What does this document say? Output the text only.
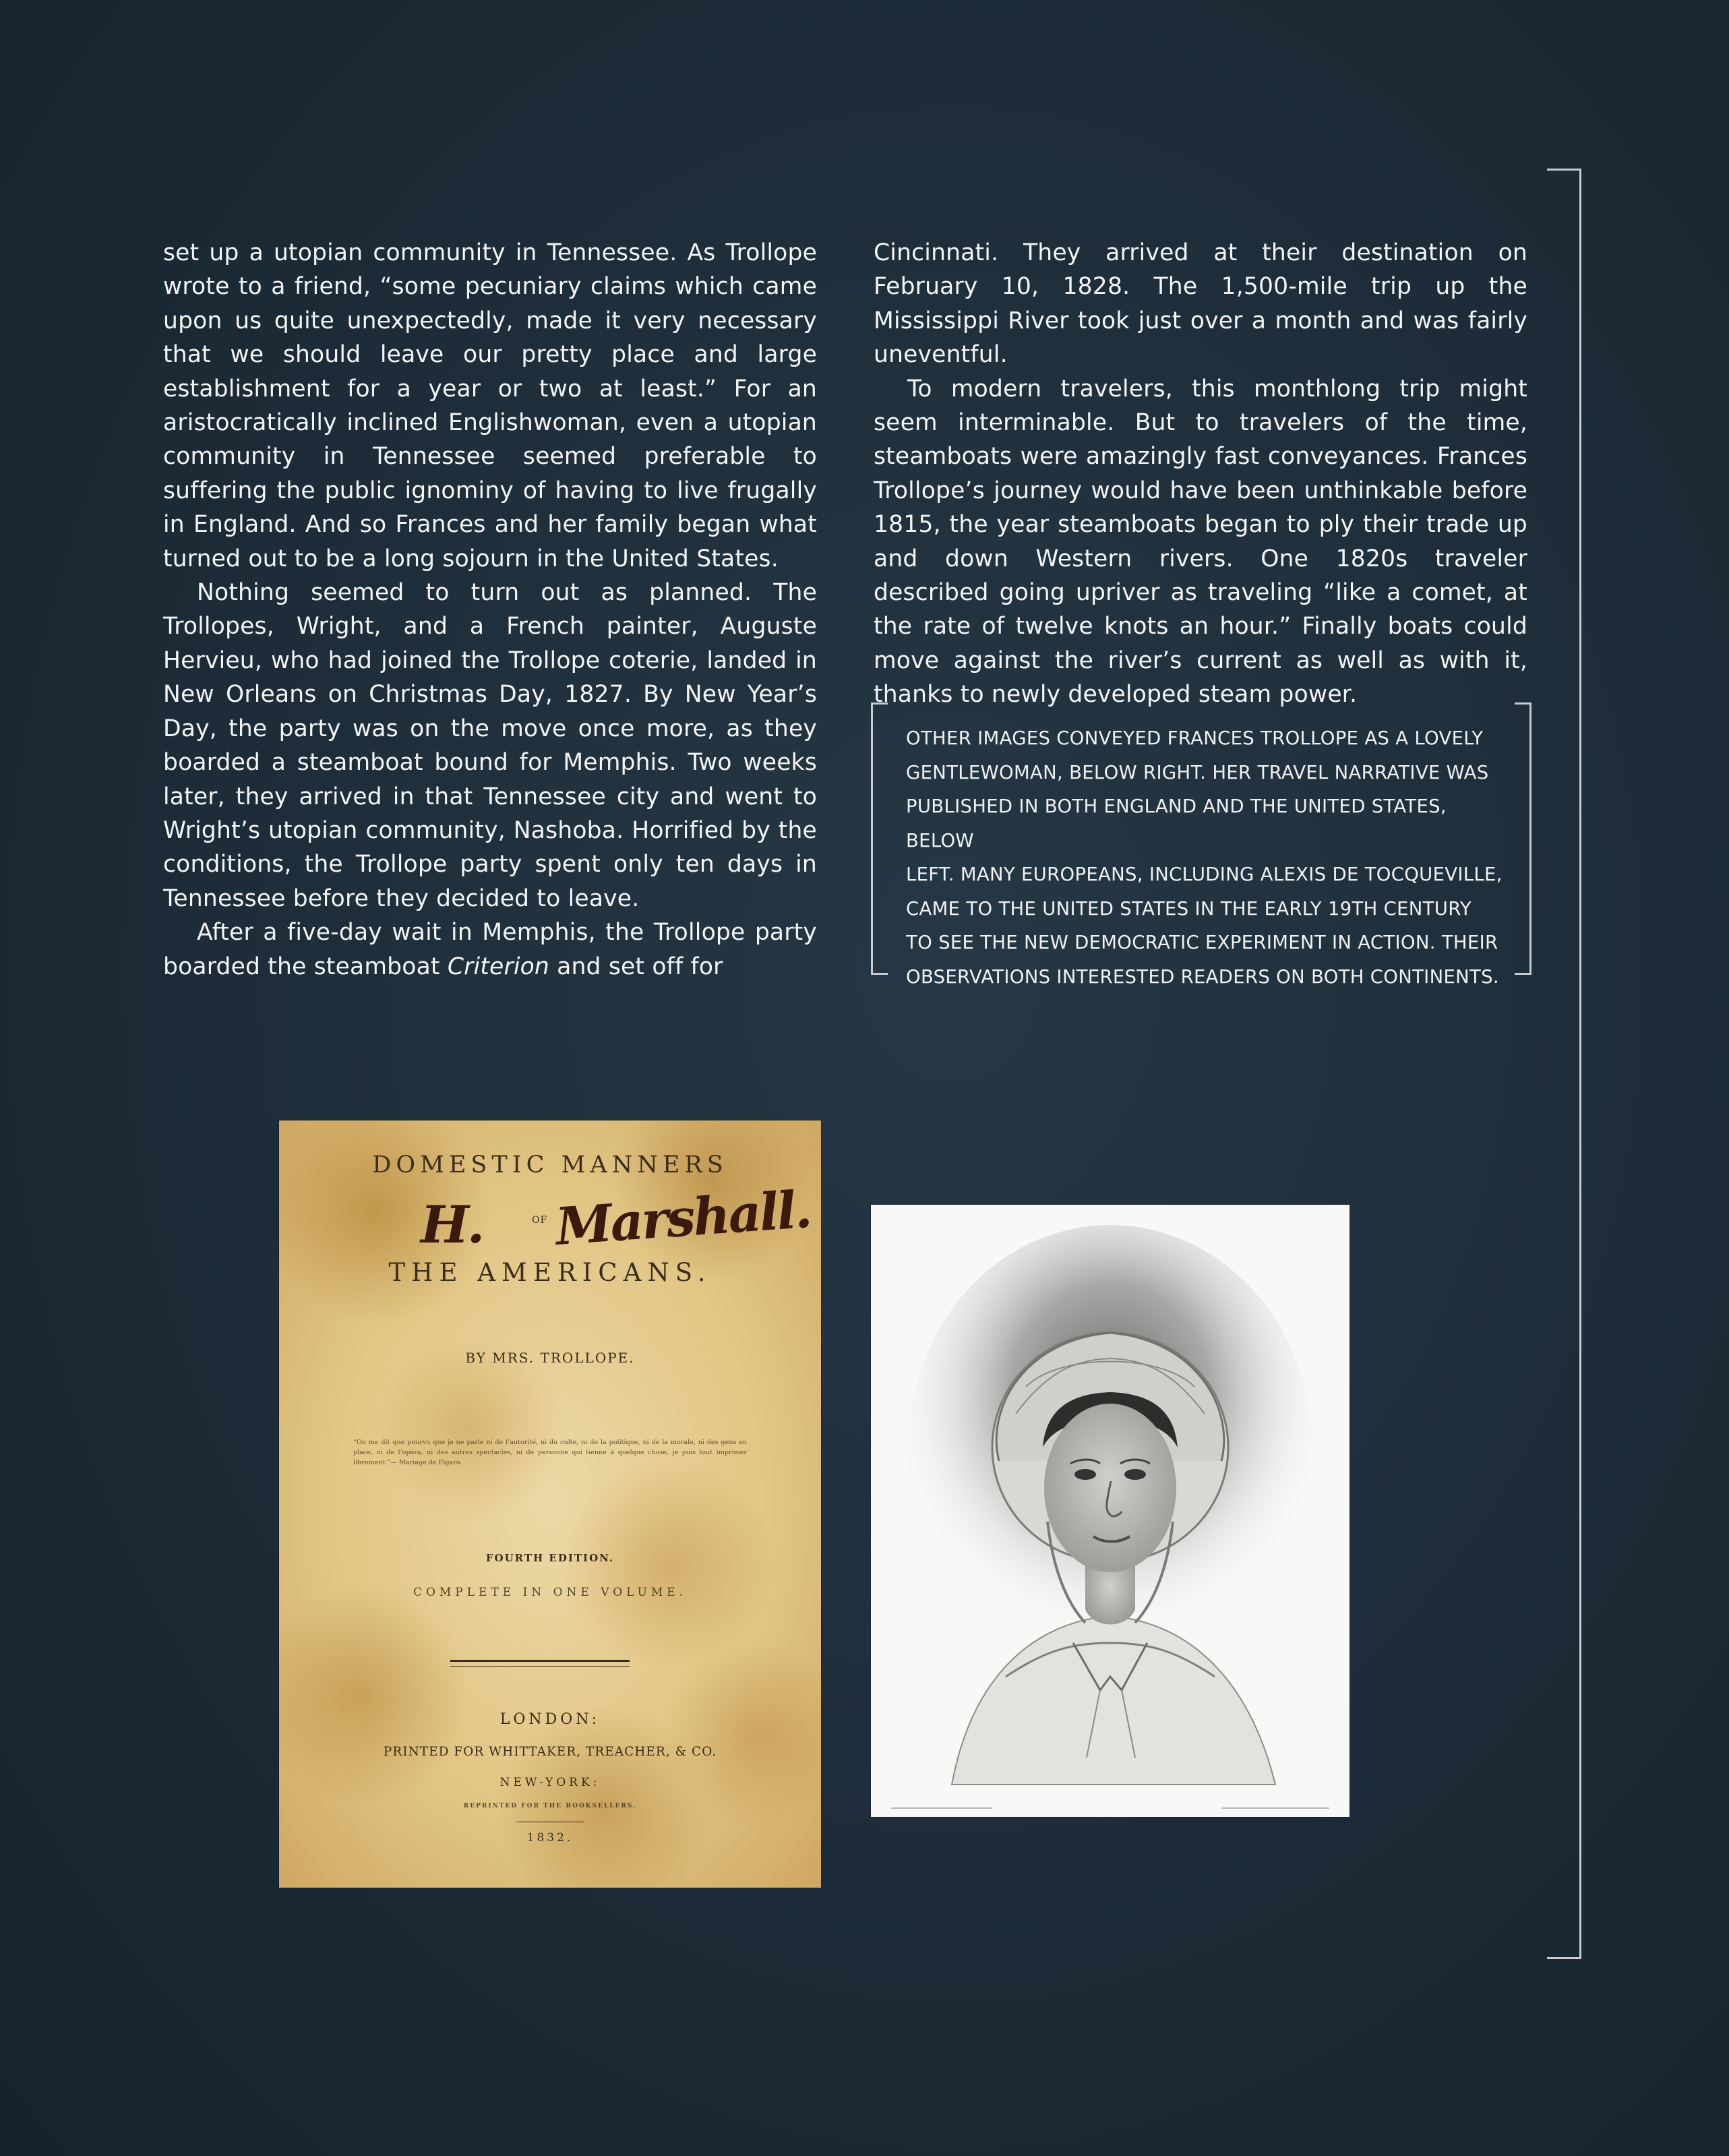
set up a utopian community in Tennessee. As Trollope wrote to a friend, “some pecuniary claims which came upon us quite unexpectedly, made it very necessary that we should leave our pretty place and large establishment for a year or two at least.” For an aristocratically inclined Englishwoman, even a utopian community in Tennessee seemed preferable to suffering the public ignominy of having to live frugally in England. And so Frances and her family began what turned out to be a long sojourn in the United States.

Nothing seemed to turn out as planned. The Trollopes, Wright, and a French painter, Auguste Hervieu, who had joined the Trollope coterie, landed in New Orleans on Christmas Day, 1827. By New Year’s Day, the party was on the move once more, as they boarded a steamboat bound for Memphis. Two weeks later, they arrived in that Tennessee city and went to Wright’s utopian community, Nashoba. Horrified by the conditions, the Trollope party spent only ten days in Tennessee before they decided to leave.

After a five-day wait in Memphis, the Trollope party boarded the steamboat Criterion and set off for

Cincinnati. They arrived at their destination on February 10, 1828. The 1,500-mile trip up the Mississippi River took just over a month and was fairly uneventful.

To modern travelers, this monthlong trip might seem interminable. But to travelers of the time, steamboats were amazingly fast conveyances. Frances Trollope’s journey would have been unthinkable before 1815, the year steamboats began to ply their trade up and down Western rivers. One 1820s traveler described going upriver as traveling “like a comet, at the rate of twelve knots an hour.” Finally boats could move against the river’s current as well as with it, thanks to newly developed steam power.

OTHER IMAGES CONVEYED FRANCES TROLLOPE AS A LOVELY
GENTLEWOMAN, BELOW RIGHT. HER TRAVEL NARRATIVE WAS
PUBLISHED IN BOTH ENGLAND AND THE UNITED STATES, BELOW
LEFT. MANY EUROPEANS, INCLUDING ALEXIS DE TOCQUEVILLE,
CAME TO THE UNITED STATES IN THE EARLY 19TH CENTURY
TO SEE THE NEW DEMOCRATIC EXPERIMENT IN ACTION. THEIR
OBSERVATIONS INTERESTED READERS ON BOTH CONTINENTS.
DOMESTIC MANNERS
H.	OF Marshall.
THE AMERICANS.
BY MRS. TROLLOPE.
“On me dit que pourvu que je ne parle ni de l’autorité, ni du culte, ni de la politique, ni de la morale, ni des gens en place, ni de l’opéra, ni des autres spectacles, ni de personne qui tienne à quelque chose, je puis tout imprimer librement.”— Mariage de Figaro.
FOURTH EDITION.
COMPLETE IN ONE VOLUME.
LONDON:
PRINTED FOR WHITTAKER, TREACHER, & CO.
NEW-YORK:
REPRINTED FOR THE BOOKSELLERS.
1832.
